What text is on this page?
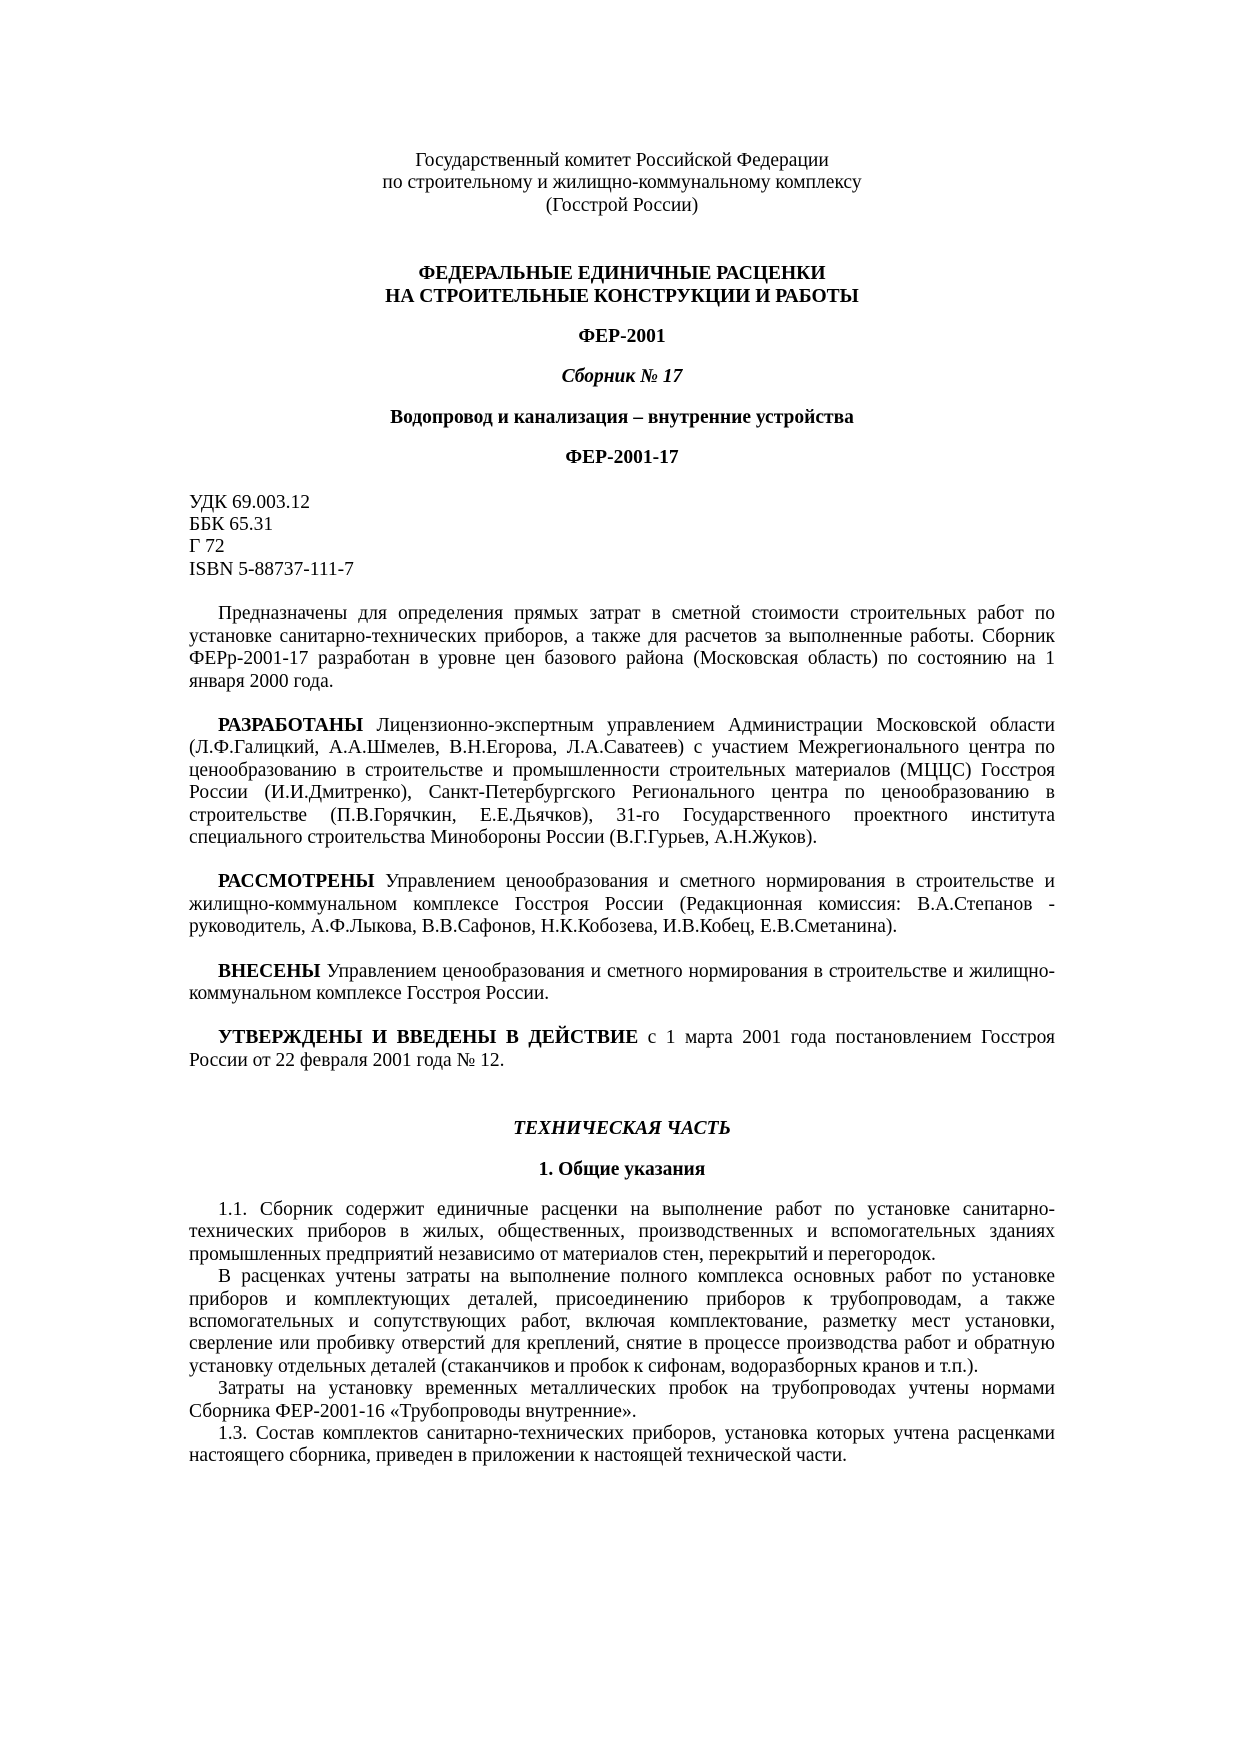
Государственный комитет Российской Федерации
по строительному и жилищно-коммунальному комплексу
(Госстрой России)
ФЕДЕРАЛЬНЫЕ ЕДИНИЧНЫЕ РАСЦЕНКИ
НА СТРОИТЕЛЬНЫЕ КОНСТРУКЦИИ И РАБОТЫ
ФЕР-2001
Сборник № 17
Водопровод и канализация – внутренние устройства
ФЕР-2001-17
УДК 69.003.12
ББК 65.31
Г 72
ISBN 5-88737-111-7

Предназначены для определения прямых затрат в сметной стоимости строительных работ по установке санитарно-технических приборов, а также для расчетов за выполненные работы. Сборник ФЕРр-2001-17 разработан в уровне цен базового района (Московская область) по состоянию на 1 января 2000 года.

РАЗРАБОТАНЫ Лицензионно-экспертным управлением Администрации Московской области (Л.Ф.Галицкий, А.А.Шмелев, В.Н.Егорова, Л.А.Саватеев) с участием Межрегионального центра по ценообразованию в строительстве и промышленности строительных материалов (МЦЦС) Госстроя России (И.И.Дмитренко), Санкт-Петербургского Регионального центра по ценообразованию в строительстве (П.В.Горячкин, Е.Е.Дьячков), 31-го Государственного проектного института специального строительства Минобороны России (В.Г.Гурьев, А.Н.Жуков).

РАССМОТРЕНЫ Управлением ценообразования и сметного нормирования в строительстве и жилищно-коммунальном комплексе Госстроя России (Редакционная комиссия: В.А.Степанов - руководитель, А.Ф.Лыкова, В.В.Сафонов, Н.К.Кобозева, И.В.Кобец, Е.В.Сметанина).

ВНЕСЕНЫ Управлением ценообразования и сметного нормирования в строительстве и жилищно-коммунальном комплексе Госстроя России.

УТВЕРЖДЕНЫ И ВВЕДЕНЫ В ДЕЙСТВИЕ с 1 марта 2001 года постановлением Госстроя России от 22 февраля 2001 года № 12.

ТЕХНИЧЕСКАЯ ЧАСТЬ
1. Общие указания

1.1. Сборник содержит единичные расценки на выполнение работ по установке санитарно-технических приборов в жилых, общественных, производственных и вспомогательных зданиях промышленных предприятий независимо от материалов стен, перекрытий и перегородок.

В расценках учтены затраты на выполнение полного комплекса основных работ по установке приборов и комплектующих деталей, присоединению приборов к трубопроводам, а также вспомогательных и сопутствующих работ, включая комплектование, разметку мест установки, сверление или пробивку отверстий для креплений, снятие в процессе производства работ и обратную установку отдельных деталей (стаканчиков и пробок к сифонам, водоразборных кранов и т.п.).

Затраты на установку временных металлических пробок на трубопроводах учтены нормами Сборника ФЕР-2001-16 «Трубопроводы внутренние».

1.3. Состав комплектов санитарно-технических приборов, установка которых учтена расценками настоящего сборника, приведен в приложении к настоящей технической части.
